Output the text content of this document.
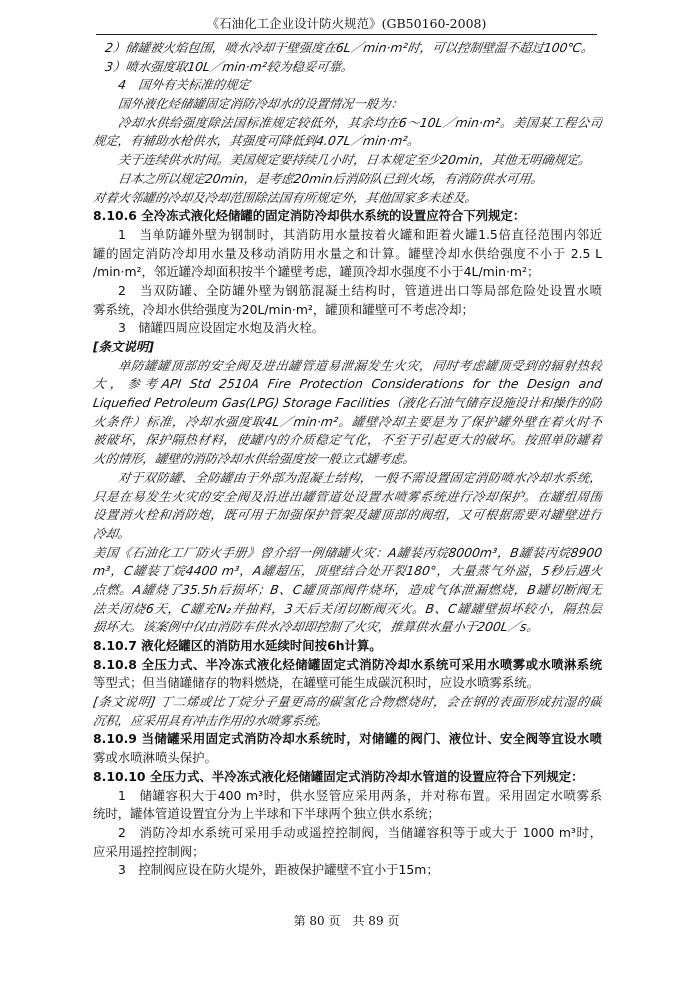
《石油化工企业设计防火规范》(GB50160-2008)
2）储罐被火焰包围，喷水冷却干壁强度在6L／min·m²时，可以控制壁温不超过100℃。
3）喷水强度取10L／min·m²较为稳妥可靠。
4　国外有关标准的规定
国外液化烃储罐固定消防冷却水的设置情况一般为：
冷却水供给强度除法国标准规定较低外，其余均在6～10L／min·m²。美国某工程公司
规定，有辅助水枪供水，其强度可降低到4.07L／min·m²。
关于连续供水时间。美国规定要持续几小时，日本规定至少20min，其他无明确规定。
日本之所以规定20min，是考虑20min后消防队已到火场，有消防供水可用。
对着火邻罐的冷却及冷却范围除法国有所规定外，其他国家多未述及。
8.10.6 全冷冻式液化烃储罐的固定消防冷却供水系统的设置应符合下列规定：
1　当单防罐外壁为钢制时，其消防用水量按着火罐和距着火罐1.5倍直径范围内邻近
罐的固定消防冷却用水量及移动消防用水量之和计算。罐壁冷却水供给强度不小于 2.5 L
/min·m²，邻近罐冷却面积按半个罐壁考虑，罐顶冷却水强度不小于4L/min·m²；
2　当双防罐、全防罐外壁为钢筋混凝土结构时，管道进出口等局部危险处设置水喷
雾系统，冷却水供给强度为20L/min·m²，罐顶和罐壁可不考虑冷却；
3　储罐四周应设固定水炮及消火栓。
[条文说明]
单防罐罐顶部的安全阀及进出罐管道易泄漏发生火灾，同时考虑罐顶受到的辐射热较
大，参考API Std 2510A Fire Protection Considerations for the Design and
Liquefied Petroleum Gas(LPG) Storage Facilities（液化石油气储存设施设计和操作的防
火条件）标准，冷却水强度取4L／min·m²。罐壁冷却主要是为了保护罐外壁在着火时不
被破坏，保护隔热材料，使罐内的介质稳定气化，不至于引起更大的破坏。按照单防罐着
火的情形，罐壁的消防冷却水供给强度按一般立式罐考虑。
对于双防罐、全防罐由于外部为混凝土结构，一般不需设置固定消防喷水冷却水系统，
只是在易发生火灾的安全阀及沿进出罐管道处设置水喷雾系统进行冷却保护。在罐组周围
设置消火栓和消防炮，既可用于加强保护管架及罐顶部的阀组，又可根据需要对罐壁进行
冷却。
美国《石油化工厂防火手册》曾介绍一例储罐火灾：A罐装丙烷8000m³，B罐装丙烷8900
m³，C罐装丁烷4400 m³，A罐超压，顶壁结合处开裂180°，大量蒸气外溢，5秒后遇火
点燃。A罐烧了35.5h后损坏；B、C罐顶部阀件烧坏，造成气体泄漏燃烧，B罐切断阀无
法关闭烧6天，C罐充N₂并抽料，3天后关闭切断阀灭火。B、C罐罐壁损坏较小，隔热层
损坏大。该案例中仅由消防车供水冷却即控制了火灾，推算供水量小于200L／s。
8.10.7 液化烃罐区的消防用水延续时间按6h计算。
8.10.8 全压力式、半冷冻式液化烃储罐固定式消防冷却水系统可采用水喷雾或水喷淋系统
等型式；但当储罐储存的物料燃烧，在罐壁可能生成碳沉积时，应设水喷雾系统。
[条文说明] 丁二烯或比丁烷分子量更高的碳氢化合物燃烧时，会在钢的表面形成抗湿的碳
沉积，应采用具有冲击作用的水喷雾系统。
8.10.9 当储罐采用固定式消防冷却水系统时，对储罐的阀门、液位计、安全阀等宜设水喷
雾或水喷淋喷头保护。
8.10.10 全压力式、半冷冻式液化烃储罐固定式消防冷却水管道的设置应符合下列规定：
1　储罐容积大于400 m³时，供水竖管应采用两条，并对称布置。采用固定水喷雾系
统时，罐体管道设置宜分为上半球和下半球两个独立供水系统；
2　消防冷却水系统可采用手动或遥控控制阀，当储罐容积等于或大于 1000 m³时，
应采用遥控控制阀；
3　控制阀应设在防火堤外，距被保护罐壁不宜小于15m；
第 80 页　共 89 页
